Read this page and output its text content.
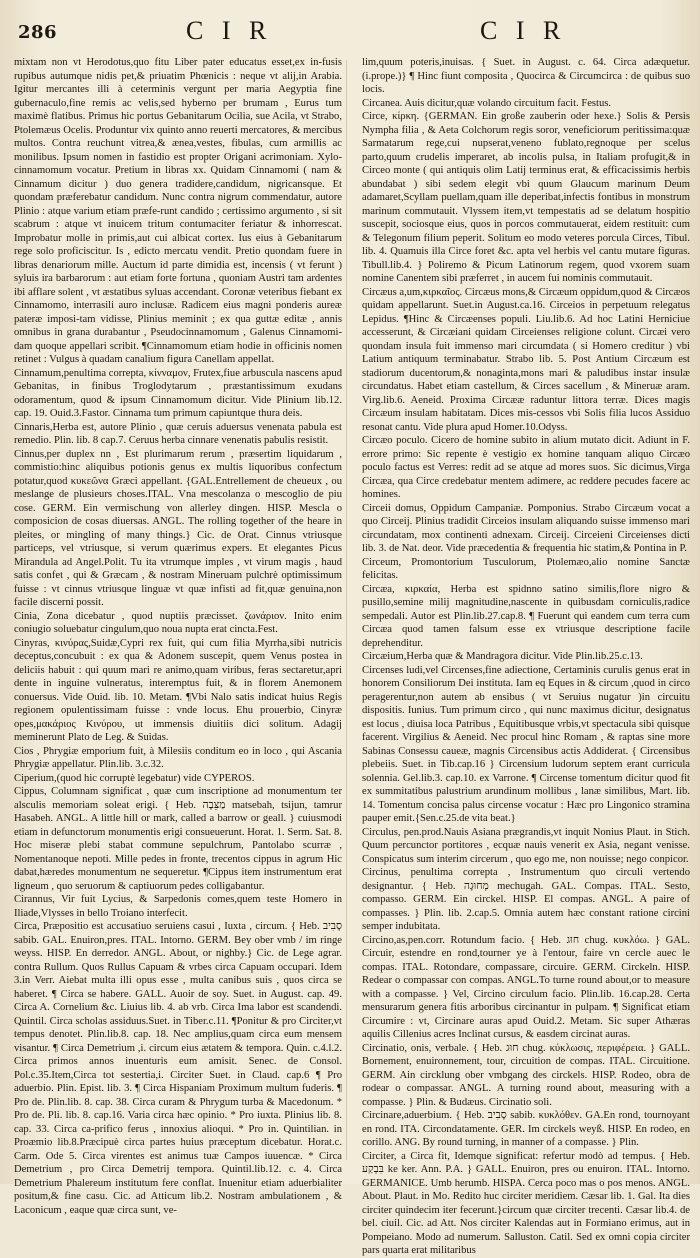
286	C I R	C I R

mixtam non vt Herodotus,quo fitu Liber pater educatus esset,ex in-fusis rupibus autumque nidis pet,& priuatim Phœnicis : neque vt alij,in Arabia. Igitur mercantes illi à ceterminis vergunt per maria Aegyptia fine gubernaculo,fine remis ac velis,sed hyberno per brumam , Eurus tum maximè flatibus. Primus hic portus Gebanitarum Ocilia, sue Acila, vt Strabo, Ptolemæus Ocelis. Produntur vix quinto anno reuerti mercatores, & mercibus multos. Contra reuchunt vitrea,& ænea,vestes, fibulas, cum armillis ac monilibus. Ipsum nomen in fastidio est propter Origani acrimoniam. Xylo-cinnamomum vocatur. Pretium in libras xx. Quidam Cinnamomi ( nam & Cinnamum dicitur ) duo genera tradidere,candidum, nigricansque. Et quondam præferebatur candidum. Nunc contra nigrum commendatur, autore Plinio : atque varium etiam præfe-runt candido ; certissimo argumento , si sit scabrum : atque vt inuicem tritum contumaciter feriatur & inhorrescat. Improbatur molle in primis,aut cui albicat cortex. Ius eius à Gebanitarum rege solo proficiscitur. Is , edicto mercatu vendit. Pretio quondam fuere in libras denariorum mille. Auctum id parte dimidia est, incensis ( vt ferunt ) syluis ira barbarorum : aut etiam forte fortuna , quoniam Austri tam ardentes ibi afflare solent , vt æstatibus syluas accendant. Coronæ veteribus fiebant ex Cinnamomo, interrasili auro inclusæ. Radicem eius magni ponderis aureæ pateræ imposi-tam vidisse, Plinius meminit ; ex qua guttæ editæ , annis omnibus in grana durabantur , Pseudocinnamomum , Galenus Cinnamomi-dam quoque appellari scribit. ¶Cinnamomum etiam hodie in officinis nomen retinet : Vulgus à quadam canalium figura Canellam appellat.

Cinnamum,penultima correpta, κίνναμον, Frutex,fiue arbuscula nascens apud Gebanitas, in finibus Troglodytarum , præstantissimum exudans odoramentum, quod & ipsum Cinnamomum dicitur. Vide Plinium lib.12. cap. 19. Ouid.3.Fastor. Cinnama tum primum capiuntque thura deis.

Cinnaris,Herba est, autore Plinio , quæ ceruis aduersus venenata pabula est remedio. Plin. lib. 8 cap.7. Ceruus herba cinnare venenatis pabulis resistit.

Cinnus,per duplex nn , Est plurimarum rerum , præsertim liquidarum , commistio:hinc aliquibus potionis genus ex multis liquoribus confectum potatur,quod κυκεῶνα Græci appellant. {GAL.Entrellement de cheueux , ou meslange de plusieurs choses.ITAL. Vna mescolanza o mescoglio de piu cose. GERM. Ein vermischung von allerley dingen. HISP. Mescla o composicion de cosas diuersas. ANGL. The rolling together of the heare in pleites, or mingling of many things.} Cic. de Orat. Cinnus vtriusque particeps, vel vtriusque, si verum quærimus expers. Et elegantes Picus Mirandula ad Angel.Polit. Tu ita vtrumque imples , vt virum magis , haud satis confet , qui & Græcam , & nostram Mineruam pulchrè optimissimum fuisse : vt cinnus vtriusque linguæ vt quæ infisti ad fit,quæ genuina,non facile discerni possit.

Cinia, Zona dicebatur , quod nuptiis præcisset. ζωνάριον. Inito enim coniugio soluebatur cingulum,quo noua nupta erat cincta.Fest.

Cinyras, κινύρας,Suidæ,Cypri rex fuit, qui cum filia Myrrha,sibi nutricis deceptus,concubuit : ex qua & Adonem suscepit, quem Venus postea in deliciis habuit : qui quum mari re animo,quam viribus, feras sectaretur,apri dente in inguine vulneratus, interemptus fuit, & in florem Anemonem conuersus. Vide Ouid. lib. 10. Metam. ¶Vbi Nalo satis indicat huius Regis regionem opulentissimam fuisse : vnde locus. Ehu prouerbio, Cinyræ opes,μακάριος Κινύρου, ut immensis diuitiis dici solitum. Adagij meminerunt Plato de Leg. & Suidas.

Cios , Phrygiæ emporium fuit, à Milesiis conditum eo in loco , qui Ascania Phrygiæ appellatur. Plin.lib. 3.c.32.

Ciperium,(quod hic corruptè legebatur) vide CYPEROS.

Cippus, Columnam significat , quæ cum inscriptione ad monumentum ter alsculis memoriam soleat erigi. { Heb. מַצֵּבָה matsebah, tsijun, tamrur Hasabeh. ANGL. A little hill or mark, called a barrow or geall. } cuiusmodi etiam in defunctorum monumentis erigi consueuerunt. Horat. 1. Serm. Sat. 8. Hoc miseræ plebi stabat commune sepulchrum, Pantolabo scurræ , Nomentanoque nepoti. Mille pedes in fronte, trecentos cippus in agrum Hic dabat,hæredes monumentum ne sequeretur. ¶Cippus item instrumentum erat ligneum , quo seruorum & captiuorum pedes colligabantur.

Cirannus, Vir fuit Lycius, & Sarpedonis comes,quem teste Homero in Iliade,Vlysses in bello Troiano interfecit.

Circa, Præpositio est accusatiuo seruiens casui , Iuxta , circum. { Heb. סָבִיב sabib. GAL. Enuiron,pres. ITAL. Intorno. GERM. Bey ober vmb / im ringe weyss. HISP. En derredor. ANGL. About, or nighby.} Cic. de Lege agrar. contra Rullum. Quos Rullus Capuam & vrbes circa Capuam occupari. Idem 3.in Verr. Aiebat multa illi opus esse , multa canibus suis , quos circa se haberet. ¶ Circa se habere. GALL. Auoir de soy. Suet. in August. cap. 49. Circa A. Cornelium &c. Liuius lib. 4. ab vrb. Circa Ima labor est scandendi. Quintil. Circa scholas assiduus.Suet. in Tiber.c.11. ¶Ponitur & pro Circiter,vt tempus denotet. Plin.lib.8. cap. 18. Nec amplius,quam circa eum mensem visantur. ¶ Circa Demetrium ,i. circum eius ætatem & tempora. Quin. c.4.l.2. Circa primos annos inuenturis eum amisit. Senec. de Consol. Pol.c.35.Item,Circa tot sestertia,i. Circiter Suet. in Claud. cap.6 ¶ Pro aduerbio. Plin. Epist. lib. 3. ¶ Circa Hispaniam Proximum multum fuderis. ¶ Pro de. Plin.lib. 8. cap. 38. Circa curam & Phrygum turba & Macedonum. * Pro de. Pli. lib. 8. cap.16. Varia circa hæc opinio. * Pro iuxta. Plinius lib. 8. cap. 33. Circa ca-prifico ferus , innoxius alioqui. * Pro in. Quintilian. in Proæmio lib.8.Præcipuè circa partes huius præceptum dicebatur. Horat.c. Carm. Ode 5. Circa virentes est animus tuæ Campos iuuencæ. * Circa Demetrium , pro Circa Demetrij tempora. Quintil.lib.12. c. 4. Circa Demetrium Phalereum institutum fere conflat. Inuenitur etiam aduerbialiter positum,& fine casu. Cic. ad Atticum lib.2. Nostram ambulationem , & Laconicum , eaque quæ circa sunt, ve-

lim,quum poteris,inuisas. { Suet. in August. c. 64. Circa adæquetur. (i.prope.)} ¶ Hinc fiunt composita , Quocirca & Circumcirca : de quibus suo locis.

Circanea. Auis dicitur,quæ volando circuitum facit. Festus.

Circe, κίρκη. {GERMAN. Ein große zauberin oder hexe.} Solis & Persis Nympha filia , & Aeta Colchorum regis soror, veneficiorum peritissima:quæ Sarmatarum rege,cui nupserat,veneno fublato,regnoque per scelus parto,quum crudelis imperaret, ab incolis pulsa, in Italiam profugit,& in Circeo monte ( qui antiquis olim Latij terminus erat, & efficacissimis herbis abundabat ) sibi sedem elegit vbi quum Glaucum marinum Deum adamaret,Scyllam puellam,quam ille deperibat,infectis fontibus in monstrum marinum commutauit. Vlyssem item,vt tempestatis ad se delatum hospitio suscepit, sociosque eius, quos in porcos commutauerat, eidem restituit: cum & Telegonum filium peperit. Solitum eo modo veteres porcula Circes, Tibul. lib. 4. Quamuis illa Circe foret &c. apta vel herbis vel cantu mutare figuras. Tibull.lib.4. } Poliremo & Picum Latinorum regem, quod vxorem suam nomine Canentem sibi præferret , in aucem fui nominis commutauit.

Circæus a,um,κιρκαῖος. Circæus mons,& Circæum oppidum,quod & Circæos quidam appellarunt. Suet.in August.ca.16. Circeios in perpetuum relegatus Lepidus. ¶Hinc & Circæenses populi. Liu.lib.6. Ad hoc Latini Herniciue accesserunt, & Circæiani quidam Circeienses religione colunt. Circæi vero quondam insula fuit immenso mari circumdata ( si Homero creditur ) vbi Latium antiquum terminabatur. Strabo lib. 5. Post Antium Circæum est stadiorum ducentorum,& nonaginta,mons mari & paludibus instar insulæ circundatus. Habet etiam castellum, & Circes sacellum , & Mineruæ aram. Virg.lib.6. Aeneid. Proxima Circææ raduntur littora terræ. Dices magis Circæum insulam habitatam. Dices mis-cessos vbi Solis filia lucos Assiduo resonat cantu. Vide plura apud Homer.10.Odyss.

Circæo poculo. Cicero de homine subito in alium mutato dicit. Adiunt in F. errore primo: Sic repente è vestigio ex homine tanquam aliquo Circæo poculo factus est Verres: redit ad se atque ad mores suos. Sic dicimus,Virga Circæa, qua Circe credebatur mentem adimere, ac reddere pecudes facere ac homines.

Circeii domus, Oppidum Campaniæ. Pomponius. Strabo Circæum vocat a quo Circeij. Plinius tradidit Circeios insulam aliquando suisse immenso mari circundatam, mox continenti adnexam. Circeij. Circeieni Circeienses dicti lib. 3. de Nat. deor. Vide præcedentia & frequentia hic statim,& Pontina in P.

Circeum, Promontorium Tusculorum, Ptolemæo,alio nomine Sanctæ felicitas.

Circæa, κιρκαία, Herba est spidnno satino similis,flore nigro & pusillo,semine milij magnitudine,nascente in quibusdam corniculis,radice sempedali. Autor est Plin.lib.27.cap.8. ¶ Fuerunt qui eandem cum terra cum Circæa quod tamen falsum esse ex vtriusque descriptione facile deprehenditur.

Circæium,Herba quæ & Mandragora dicitur. Vide Plin.lib.25.c.13.

Circenses ludi,vel Circenses,fine adiectione, Certaminis curulis genus erat in honorem Consiliorum Dei instituta. Iam eq Eques in & circum ,quod in circo peragerentur,non autem ab ensibus ( vt Seruius nugatur )in circuitu dispositis. Iunius. Tum primum circo , qui nunc maximus dicitur, designatus est locus , diuisa loca Patribus , Equitibusque vrbis,vt spectacula sibi quisque facerent. Virgilius & Aeneid. Nec procul hinc Romam , & raptas sine more Sabinas Consessu caueæ, magnis Circensibus actis Addiderat. { Circensibus plebeiis. Suet. in Tib.cap.16 } Circensium ludorum septem erant curricula solennia. Gel.lib.3. cap.10. ex Varrone. ¶ Circense tomentum dicitur quod fit ex summitatibus palustrium arundinum mollibus , lanæ similibus, Mart. lib. 14. Tomentum concisa palus circense vocatur : Hæc pro Lingonico stramina pauper emit.{Sen.c.25.de vita beat.}

Circulus, pen.prod.Nauis Asiana prægrandis,vt inquit Nonius Plaut. in Stich. Quum percunctor portitores , ecquæ nauis venerit ex Asia, negant venisse. Conspicatus sum interim circerum , quo ego me, non nouisse; nego conpicor.

Circinus, penultima correpta , Instrumentum quo circuli vertendo designantur. { Heb. מְחוּגָה mechugah. GAL. Compas. ITAL. Sesto, compasso. GERM. Ein circkel. HISP. El compas. ANGL. A paire of compasses. } Plin. lib. 2.cap.5. Omnia autem hæc constant ratione circini semper indubitata.

Circino,as,pen.corr. Rotundum facio. { Heb. חוּג chug. κυκλόω. } GAL. Circuir, estendre en rond,tourner ye à l'entour, faire vn cercle auec le compas. ITAL. Rotondare, compassare, circuire. GERM. Circkeln. HISP. Redear o compassar con compas. ANGL.To turne round about,or to measure with a compasse. } Vel, Circino circulum facio. Plin.lib. 16.cap.28. Certa mensurarum genera fitis arboribus circinantur in pulpam. ¶ Significat etiam Circumire : vt, Circinare auras apud Ouid.2. Metam. Sic super Athæras aquilis Cillenius acres Inclinat cursus, & easdem circinat auras.

Circinatio, onis, verbale. { Heb. חוּג chug. κύκλωσις, περιφέρεια. } GALL. Bornement, enuironnement, tour, circuition de compas. ITAL. Circuitione. GERM. Ain circklung ober vmbgang des circkels. HISP. Rodeo, obra de rodear o compassar. ANGL. A turning round about, measuring with a compasse. } Plin. & Budæus. Circinatio soli.

Circinare,aduerbium. { Heb. סָבִיב sabib. κυκλόθεν. GA.En rond, tournoyant en rond. ITA. Circondatamente. GER. Im circkels weyß. HISP. En rodeo, en corillo. ANG. By round turning, in manner of a compasse. } Plin.

Circiter, a Circa fit, Idemque significat: refertur modò ad tempus. { Heb. בִּבְקַע ke ker. Ann. P.A. } GALL. Enuiron, pres ou enuiron. ITAL. Intorno. GERMANICE. Umb herumb. HISPA. Cerca poco mas o pos menos. ANGL. About. Plaut. in Mo. Redito huc circiter meridiem. Cæsar lib. 1. Gal. Ita dies circiter quindecim iter fecerunt.}circum quæ circiter trecenti. Cæsar lib.4. de bel. ciuil. Cic. ad Att. Nos circiter Kalendas aut in Formiano erimus, aut in Pompeiano. Modo ad numerum. Salluston. Catil. Sed ex omni copia circiter pars quarta erat militaribus
